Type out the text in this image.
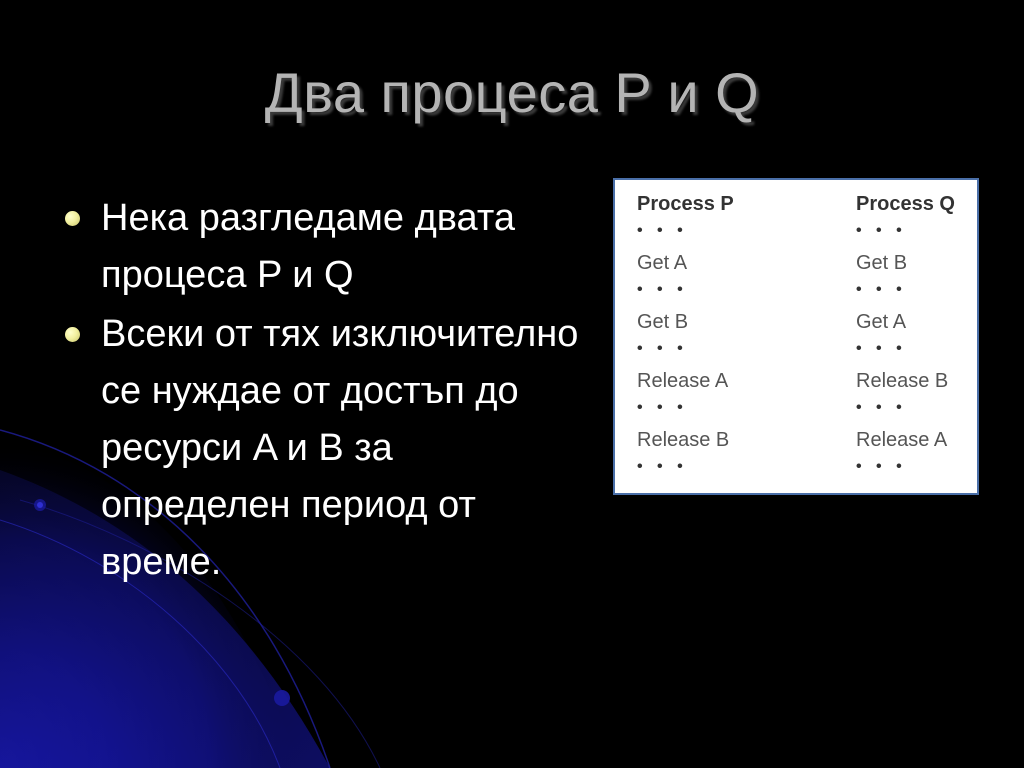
Два процеса P и Q
Нека разгледаме двата процеса P и Q
Всеки от тях изключително се нуждае от достъп до ресурси A и B за определен период от време.
Process P
• • •
Get A
• • •
Get B
• • •
Release A
• • •
Release B
• • •
Process Q
• • •
Get B
• • •
Get A
• • •
Release B
• • •
Release A
• • •
